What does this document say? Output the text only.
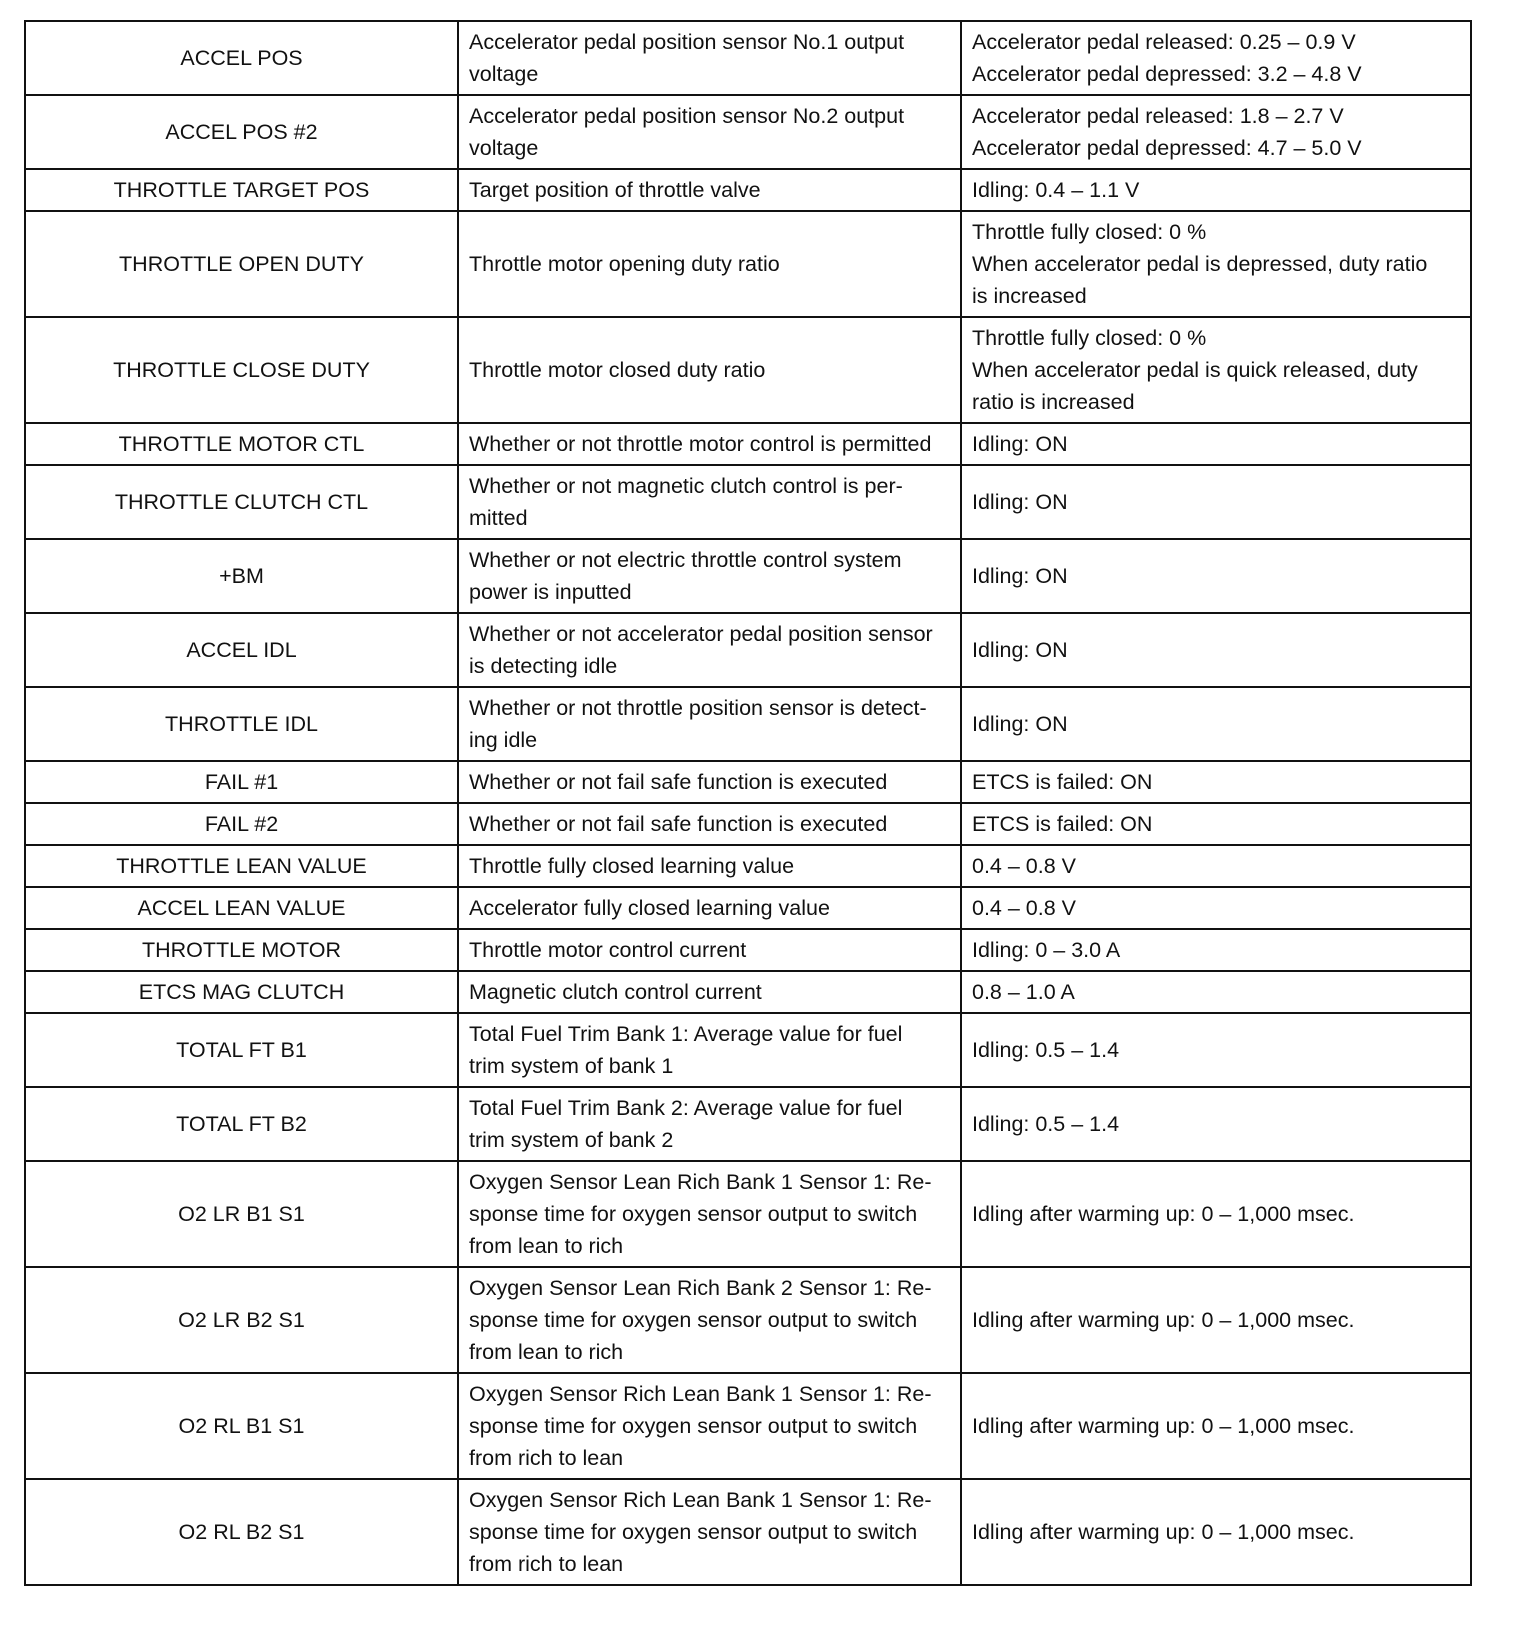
ACCEL POS	Accelerator pedal position sensor No.1 output
voltage	Accelerator pedal released: 0.25 – 0.9 V
Accelerator pedal depressed: 3.2 – 4.8 V

ACCEL POS #2	Accelerator pedal position sensor No.2 output
voltage	Accelerator pedal released: 1.8 – 2.7 V
Accelerator pedal depressed: 4.7 – 5.0 V

THROTTLE TARGET POS	Target position of throttle valve	Idling: 0.4 – 1.1 V

THROTTLE OPEN DUTY	Throttle motor opening duty ratio	Throttle fully closed: 0 %
When accelerator pedal is depressed, duty ratio
is increased

THROTTLE CLOSE DUTY	Throttle motor closed duty ratio	Throttle fully closed: 0 %
When accelerator pedal is quick released, duty
ratio is increased

THROTTLE MOTOR CTL	Whether or not throttle motor control is permitted	Idling: ON

THROTTLE CLUTCH CTL	Whether or not magnetic clutch control is per-
mitted	Idling: ON

+BM	Whether or not electric throttle control system
power is inputted	Idling: ON

ACCEL IDL	Whether or not accelerator pedal position sensor
is detecting idle	Idling: ON

THROTTLE IDL	Whether or not throttle position sensor is detect-
ing idle	Idling: ON

FAIL #1	Whether or not fail safe function is executed	ETCS is failed: ON

FAIL #2	Whether or not fail safe function is executed	ETCS is failed: ON

THROTTLE LEAN VALUE	Throttle fully closed learning value	0.4 – 0.8 V

ACCEL LEAN VALUE	Accelerator fully closed learning value	0.4 – 0.8 V

THROTTLE MOTOR	Throttle motor control current	Idling: 0 – 3.0 A

ETCS MAG CLUTCH	Magnetic clutch control current	0.8 – 1.0 A

TOTAL FT B1	Total Fuel Trim Bank 1: Average value for fuel
trim system of bank 1	Idling: 0.5 – 1.4

TOTAL FT B2	Total Fuel Trim Bank 2: Average value for fuel
trim system of bank 2	Idling: 0.5 – 1.4

O2 LR B1 S1	Oxygen Sensor Lean Rich Bank 1 Sensor 1: Re-
sponse time for oxygen sensor output to switch
from lean to rich	Idling after warming up: 0 – 1,000 msec.

O2 LR B2 S1	Oxygen Sensor Lean Rich Bank 2 Sensor 1: Re-
sponse time for oxygen sensor output to switch
from lean to rich	Idling after warming up: 0 – 1,000 msec.

O2 RL B1 S1	Oxygen Sensor Rich Lean Bank 1 Sensor 1: Re-
sponse time for oxygen sensor output to switch
from rich to lean	Idling after warming up: 0 – 1,000 msec.

O2 RL B2 S1	Oxygen Sensor Rich Lean Bank 1 Sensor 1: Re-
sponse time for oxygen sensor output to switch
from rich to lean	Idling after warming up: 0 – 1,000 msec.
